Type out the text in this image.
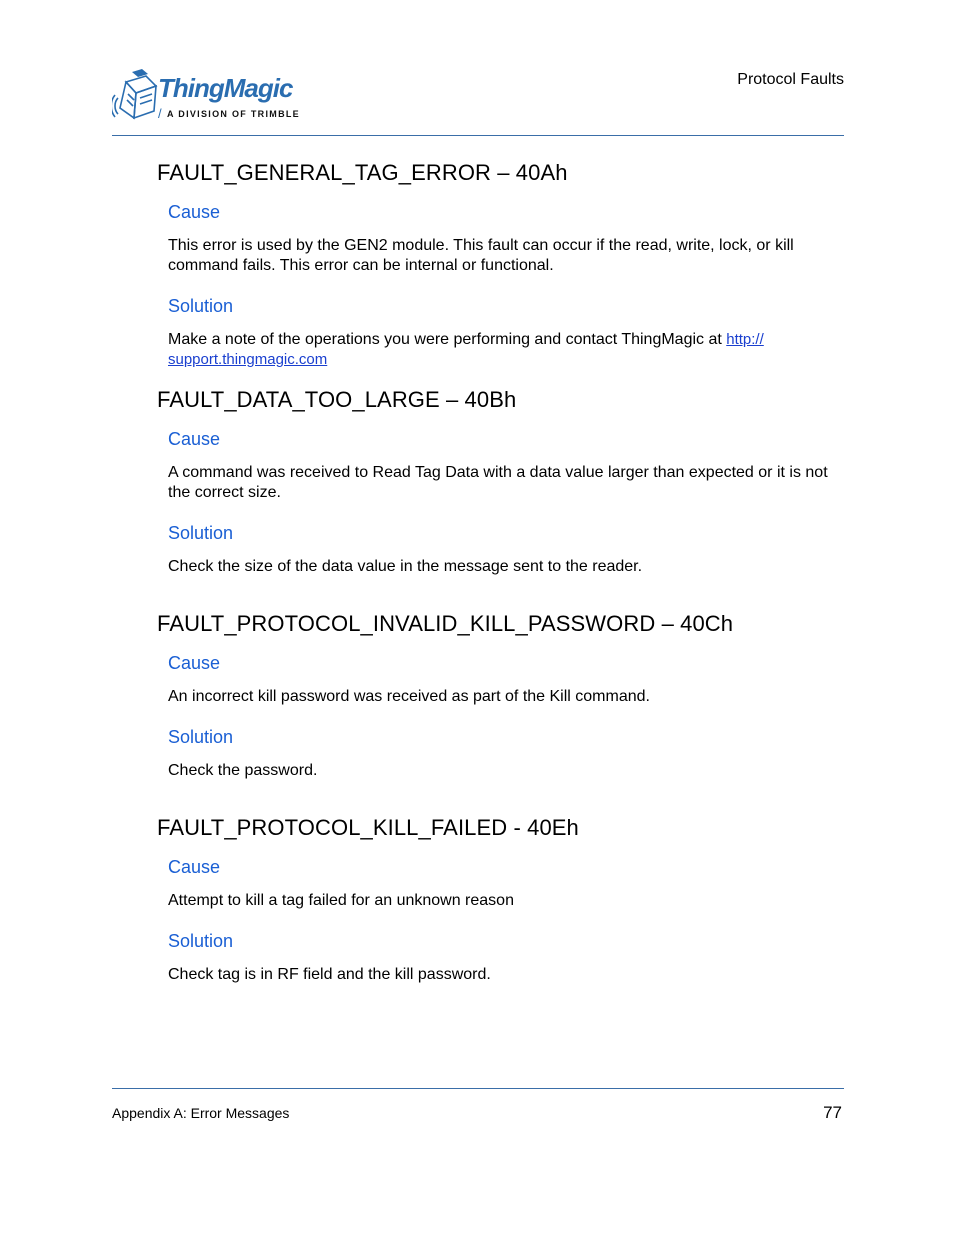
ThingMagic
/ A DIVISION OF TRIMBLE
Protocol Faults
FAULT_GENERAL_TAG_ERROR – 40Ah
Cause

This error is used by the GEN2 module. This fault can occur if the read, write, lock, or kill command fails. This error can be internal or functional.

Solution

Make a note of the operations you were performing and contact ThingMagic at http://
support.thingmagic.com

FAULT_DATA_TOO_LARGE – 40Bh
Cause

A command was received to Read Tag Data with a data value larger than expected or it is not the correct size.

Solution

Check the size of the data value in the message sent to the reader.

FAULT_PROTOCOL_INVALID_KILL_PASSWORD – 40Ch
Cause

An incorrect kill password was received as part of the Kill command.

Solution

Check the password.

FAULT_PROTOCOL_KILL_FAILED - 40Eh
Cause

Attempt to kill a tag failed for an unknown reason

Solution

Check tag is in RF field and the kill password.

Appendix A: Error Messages	77
